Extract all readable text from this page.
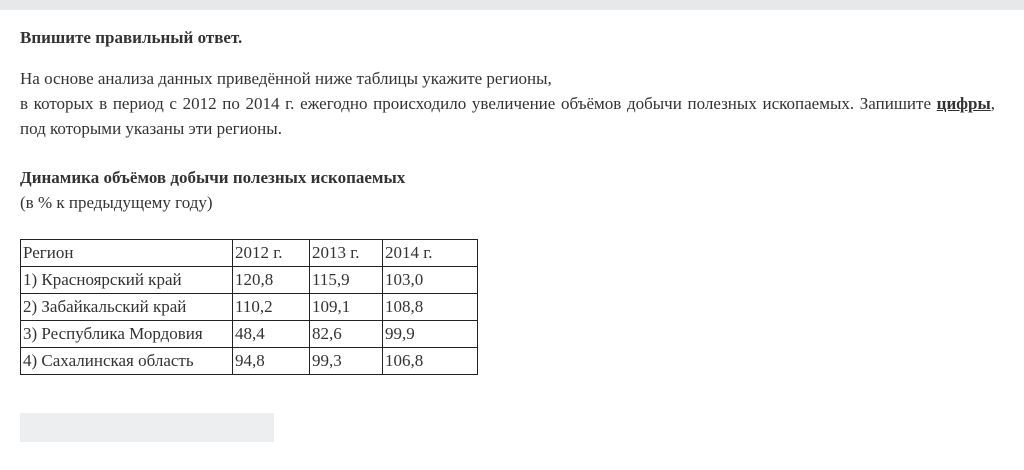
Впишите правильный ответ.

На основе анализа данных приведённой ниже таблицы укажите регионы,
в которых в период с 2012 по 2014 г. ежегодно происходило увеличение объёмов добычи полезных ископаемых. Запишите цифры, под которыми указаны эти регионы.

Динамика объёмов добычи полезных ископаемых

(в % к предыдущему году)

Регион	2012 г.	2013 г.	2014 г.
1) Красноярский край	120,8	115,9	103,0
2) Забайкальский край	110,2	109,1	108,8
3) Республика Мордовия	48,4	82,6	99,9
4) Сахалинская область	94,8	99,3	106,8
